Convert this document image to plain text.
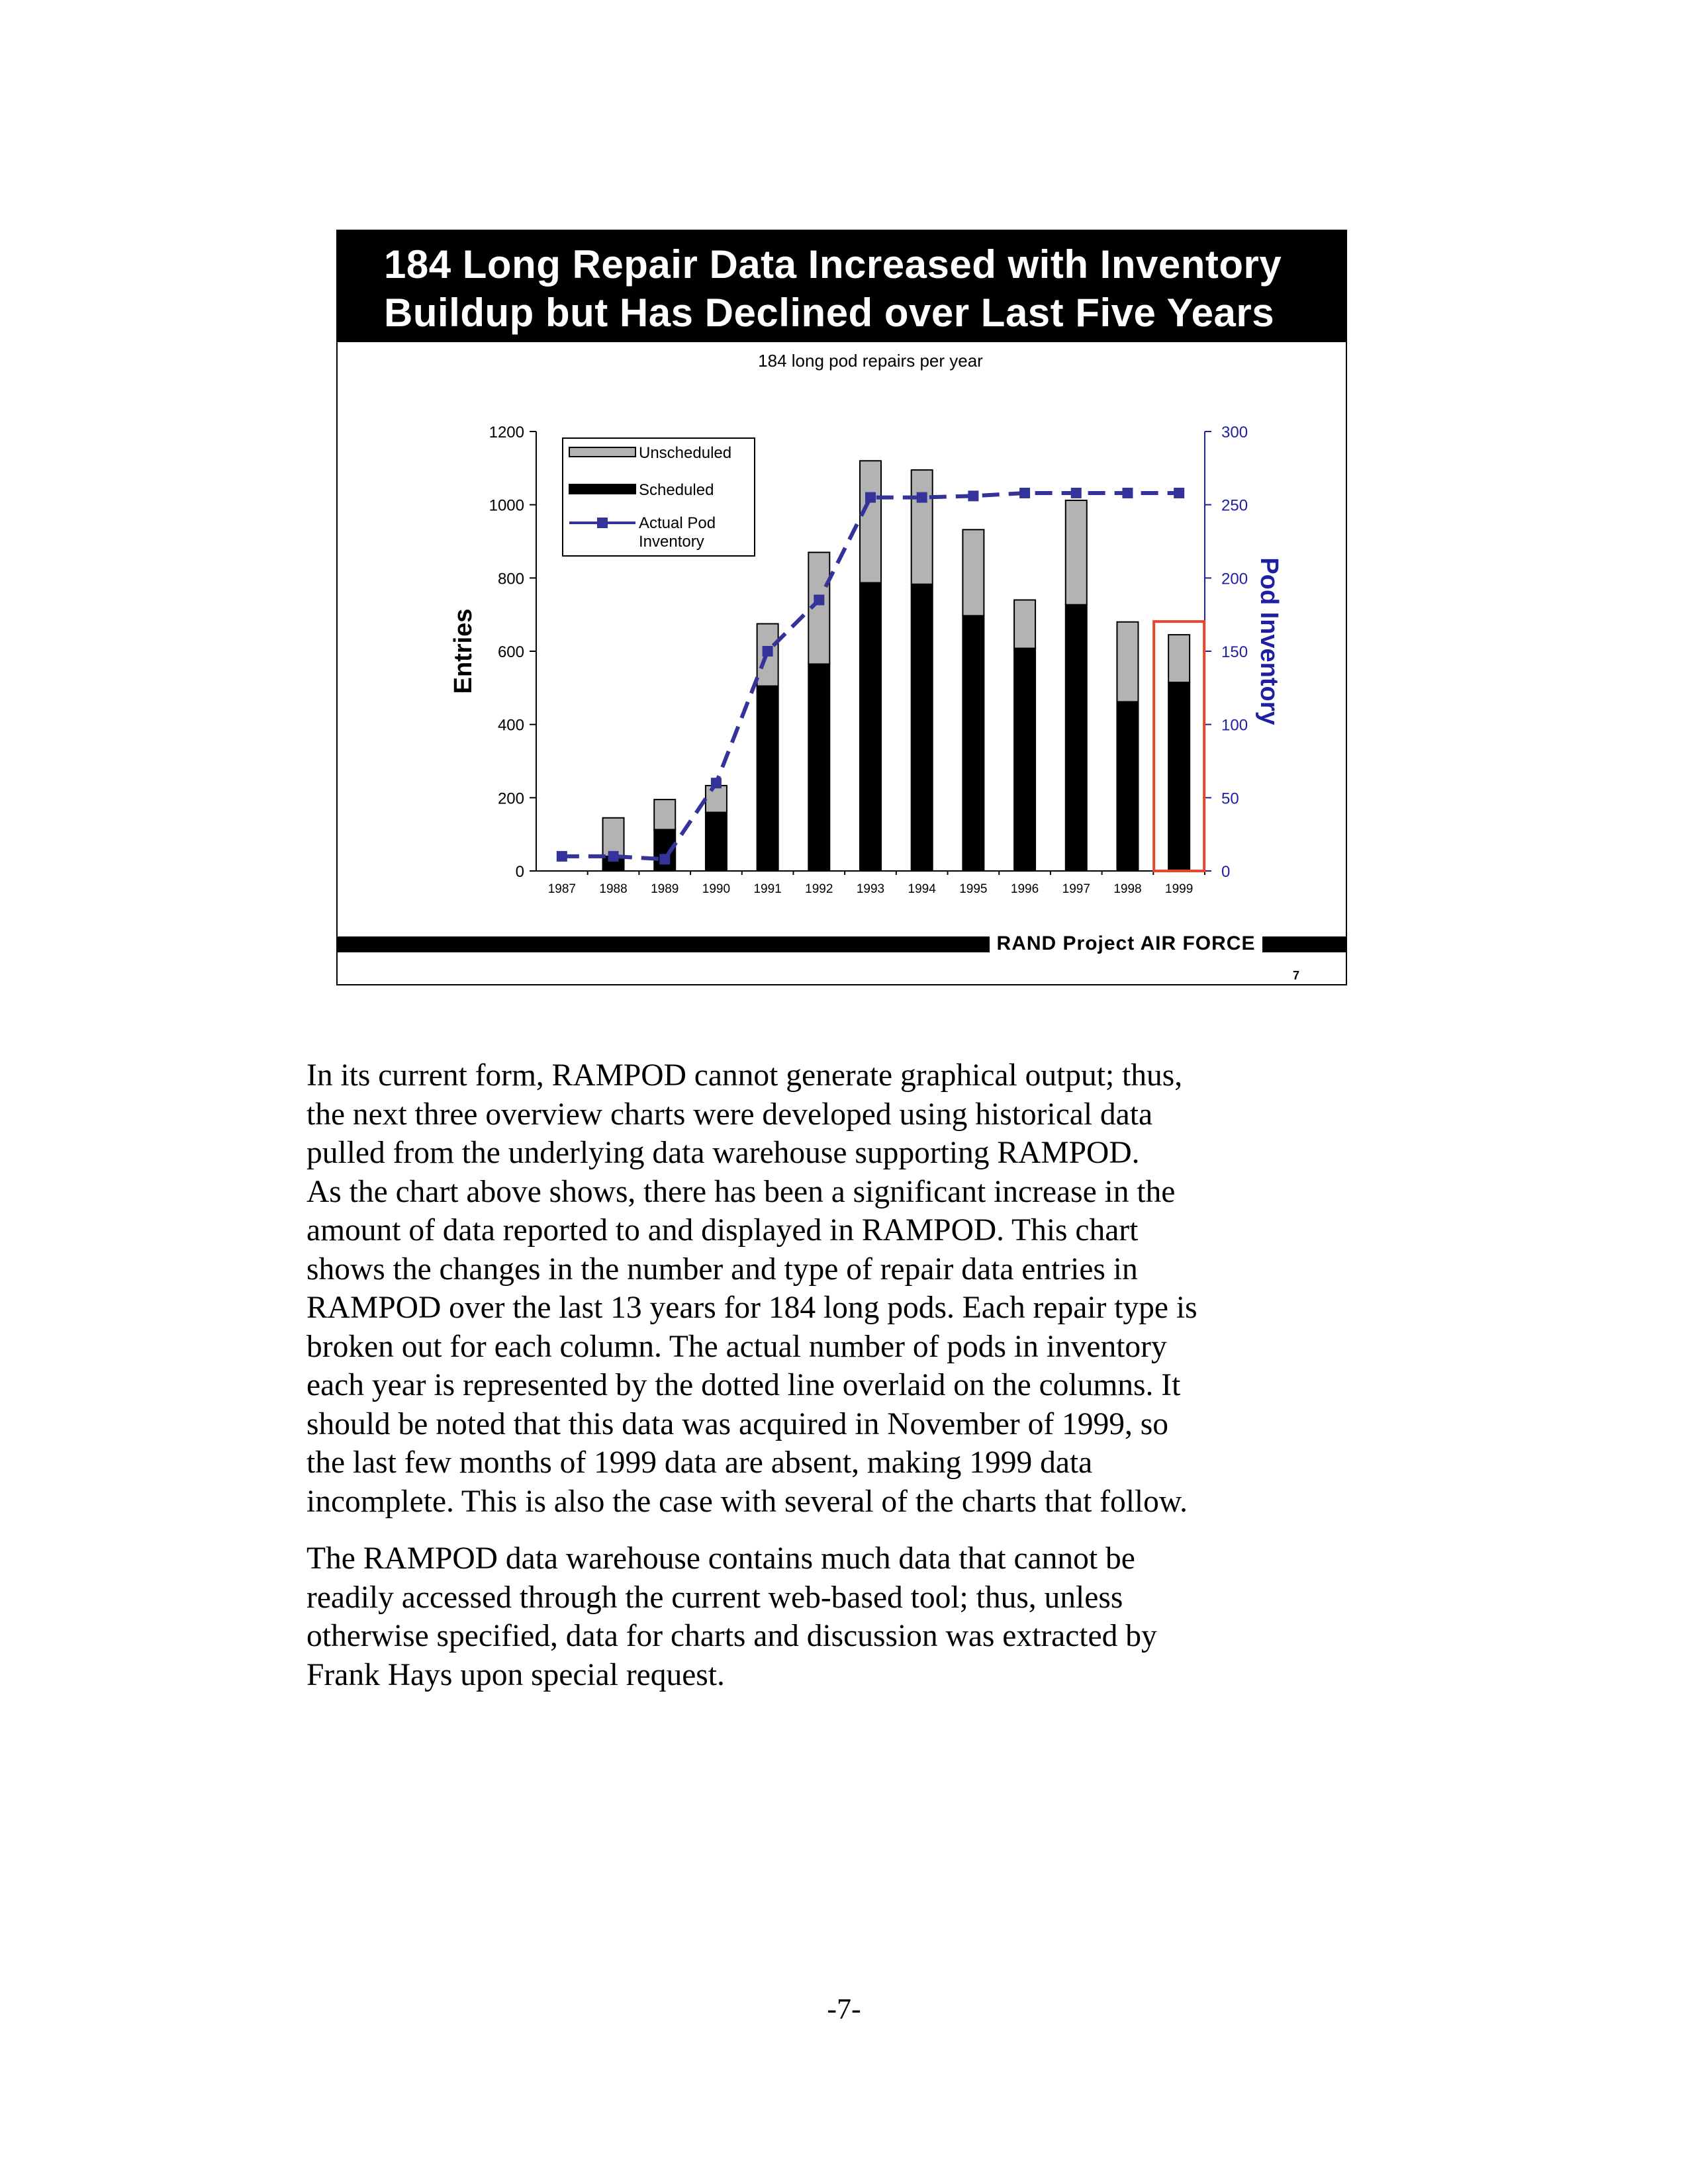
184 Long Repair Data Increased with Inventory
Buildup but Has Declined over Last Five Years
184 long pod repairs per year
0
200
400
600
800
1000
1200
0
50
100
150
200
250
300
Entries	Pod Inventory
1987 1988 1989 1990 1991 1992 1993 1994 1995 1996 1997 1998 1999
Unscheduled
Scheduled
Actual Pod
Inventory
RAND Project AIR FORCE
7
In its current form, RAMPOD cannot generate graphical output; thus,
the next three overview charts were developed using historical data
pulled from the underlying data warehouse supporting RAMPOD.
As the chart above shows, there has been a significant increase in the
amount of data reported to and displayed in RAMPOD. This chart
shows the changes in the number and type of repair data entries in
RAMPOD over the last 13 years for 184 long pods. Each repair type is
broken out for each column. The actual number of pods in inventory
each year is represented by the dotted line overlaid on the columns. It
should be noted that this data was acquired in November of 1999, so
the last few months of 1999 data are absent, making 1999 data
incomplete. This is also the case with several of the charts that follow.
The RAMPOD data warehouse contains much data that cannot be
readily accessed through the current web-based tool; thus, unless
otherwise specified, data for charts and discussion was extracted by
Frank Hays upon special request.
-7-
